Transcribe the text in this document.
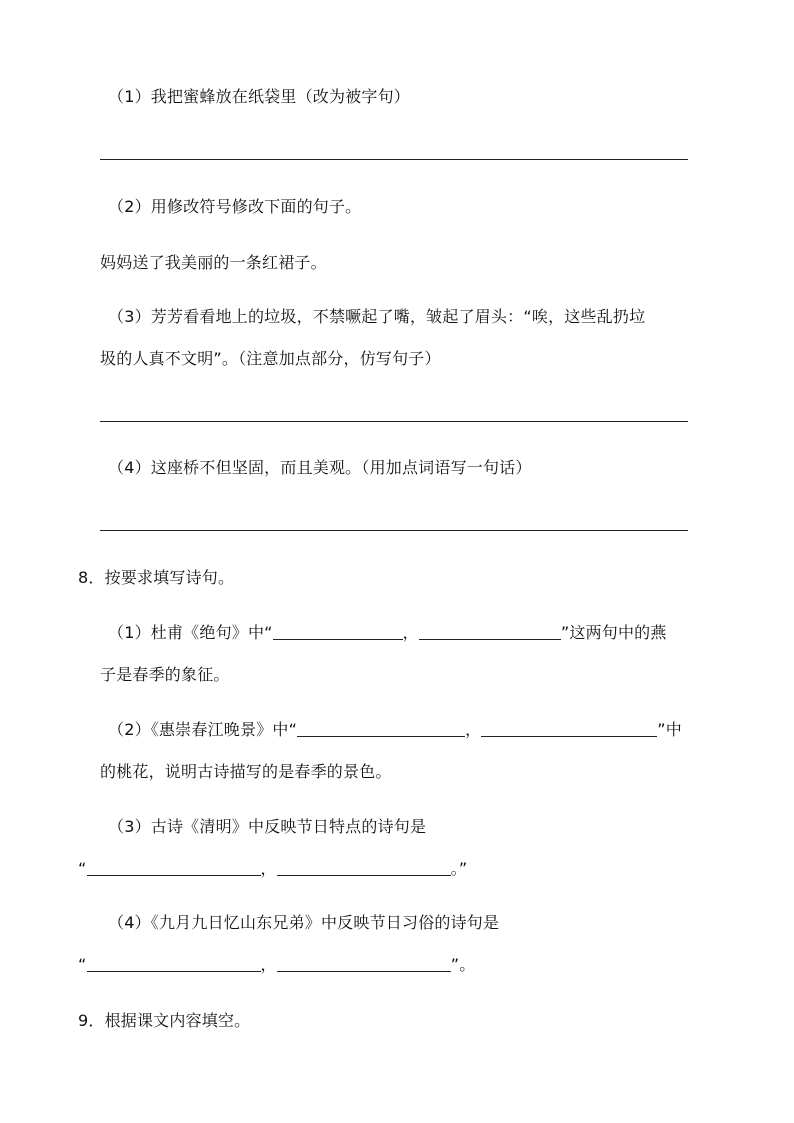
（1）我把蜜蜂放在纸袋里（改为被字句）
（2）用修改符号修改下面的句子。
妈妈送了我美丽的一条红裙子。
（3）芳芳看看地上的垃圾，不禁噘起了嘴，皱起了眉头：“唉，这些乱扔垃
圾的人真不文明”。（注意加点部分，仿写句子）
（4）这座桥不但坚固，而且美观。（用加点词语写一句话）
8．按要求填写诗句。
（1）杜甫《绝句》中“	，	”这两句中的燕
子是春季的象征。
（2）《惠崇春江晚景》中“	，	”中
的桃花，说明古诗描写的是春季的景色。
（3）古诗《清明》中反映节日特点的诗句是
“	，	。”
（4）《九月九日忆山东兄弟》中反映节日习俗的诗句是
“	，	”。
9．根据课文内容填空。
